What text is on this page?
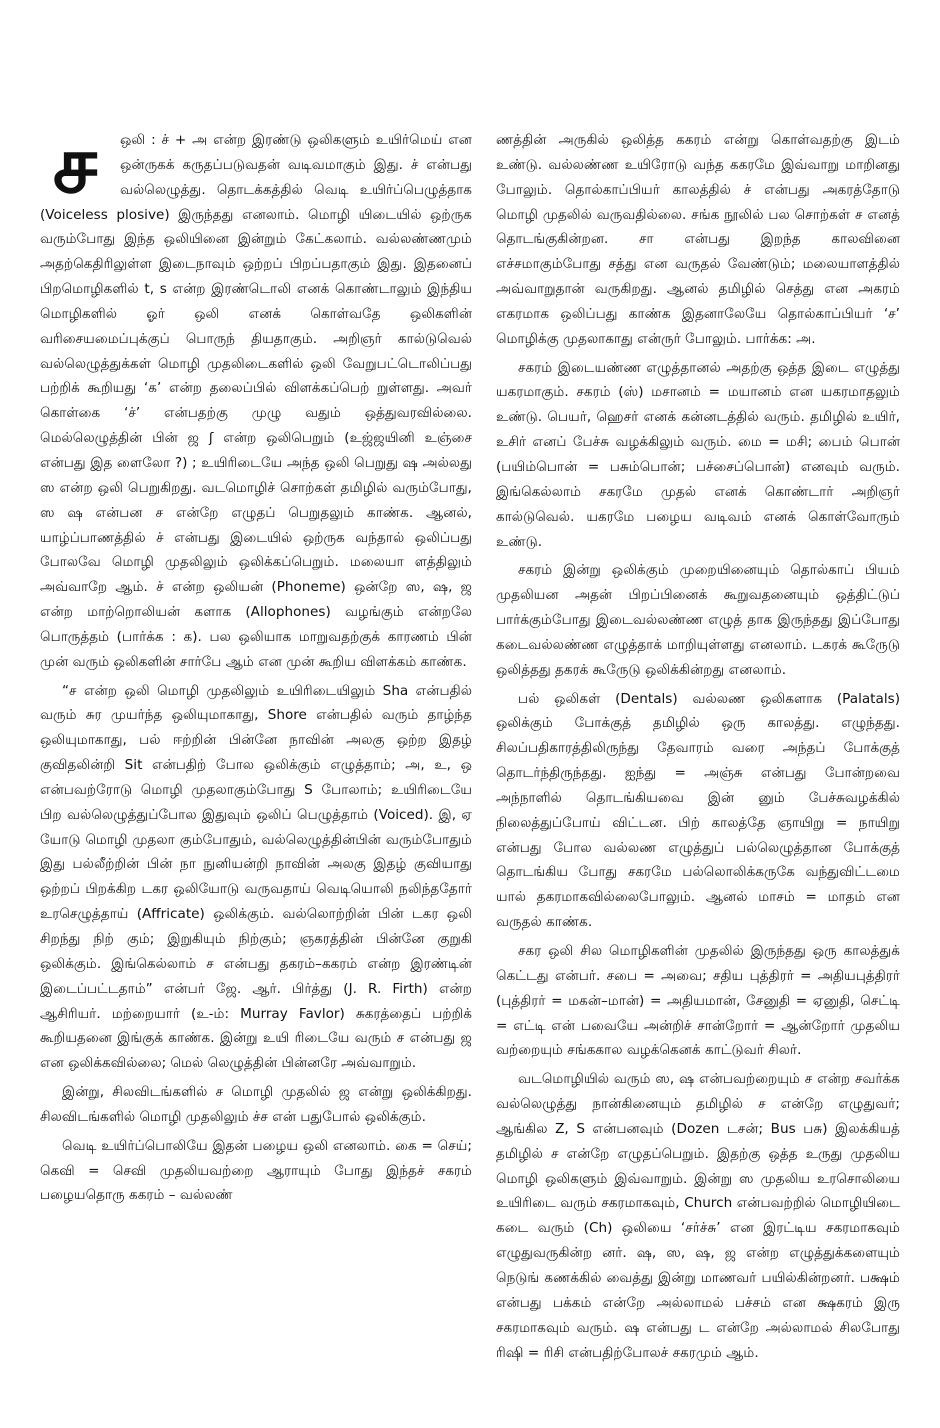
ச	ஒலி : ச் + அ என்ற இரண்டு ஒலிகளும் உயிர்மெய் என ஒன்ருகக் கருதப்படுவதன் வடிவமாகும் இது. ச் என்பது வல்லெழுத்து. தொடக்கத்தில் வெடி உயிர்ப்பெழுத்தாக (Voiceless plosive) இருந்தது எனலாம். மொழி யிடையில் ஒற்ருக வரும்போது இந்த ஒலியினை இன்றும் கேட்கலாம். வல்லண்ணமும் அதற்கெதிரிலுள்ள இடைநாவும் ஒற்றப் பிறப்பதாகும் இது. இதனைப் பிறமொழிகளில் t, s என்ற இரண்டொலி எனக் கொண்டாலும் இந்திய மொழிகளில் ஓர் ஒலி எனக் கொள்வதே ஒலிகளின் வரிசையமைப்புக்குப் பொருந் தியதாகும். அறிஞர் கால்டுவெல் வல்லெழுத்துக்கள் மொழி முதலிடைகளில் ஒலி வேறுபட்டொலிப்பது பற்றிக் கூறியது ‘க’ என்ற தலைப்பில் விளக்கப்பெற் றுள்ளது. அவர் கொள்கை ‘ச்’ என்பதற்கு முழு வதும் ஒத்துவரவில்லை. மெல்லெழுத்தின் பின் ஜ ʃ என்ற ஒலிபெறும் (உஜ்ஜயினி உஞ்சை என்பது இத ளைலோ ?) ; உயிரிடையே அந்த ஒலி பெறுது ஷ அல்லது ஸ என்ற ஒலி பெறுகிறது. வடமொழிச் சொற்கள் தமிழில் வரும்போது, ஸ ஷ என்பன ச என்றே எழுதப் பெறுதலும் காண்க. ஆனல், யாழ்ப்பாணத்தில் ச் என்பது இடையில் ஒற்ருக வந்தால் ஒலிப்பது போலவே மொழி முதலிலும் ஒலிக்கப்பெறும். மலையா ளத்திலும் அவ்வாறே ஆம். ச் என்ற ஒலியன் (Phoneme) ஒன்றே ஸ, ஷ, ஜ என்ற மாற்றொலியன் களாக (Allophones) வழங்கும் என்றலே பொருத்தம் (பார்க்க : க). பல ஒலியாக மாறுவதற்குக் காரணம் பின் முன் வரும் ஒலிகளின் சார்பே ஆம் என முன் கூறிய விளக்கம் காண்க.

“ச என்ற ஒலி மொழி முதலிலும் உயிரிடையிலும் Sha என்பதில் வரும் சுர முயர்ந்த ஒலியுமாகாது, Shore என்பதில் வரும் தாழ்ந்த ஒலியுமாகாது, பல் ஈற்றின் பின்னே நாவின் அலகு ஒற்ற இதழ் குவிதலின்றி Sit என்பதிற் போல ஒலிக்கும் எழுத்தாம்; அ, உ, ஒ என்பவற்ரோடு மொழி முதலாகும்போது S போலாம்; உயிரிடையே பிற வல்லெழுத்துப்போல இதுவும் ஒலிப் பெழுத்தாம் (Voiced). இ, ஏ யோடு மொழி முதலா கும்போதும், வல்லெழுத்தின்பின் வரும்போதும் இது பல்லீற்றின் பின் நா நுனியன்றி நாவின் அலகு இதழ் குவியாது ஒற்றப் பிறக்கிற டகர ஒலியோடு வருவதாய் வெடியொலி நலிந்ததோர் உரசெழுத்தாய் (Affricate) ஒலிக்கும். வல்லொற்றின் பின் டகர ஒலி சிறந்து நிற் கும்; இறுகியும் நிற்கும்; ஞகரத்தின் பின்னே குறுகி ஒலிக்கும். இங்கெல்லாம் ச என்பது தகரம்–ககரம் என்ற இரண்டின் இடைப்பட்டதாம்” என்பர் ஜே. ஆர். பிர்த்து (J. R. Firth) என்ற ஆசிரியர். மற்றையார் (உ-ம்: Murray Favlor) சுகரத்தைப் பற்றிக் கூறியதனை இங்குக் காண்க. இன்று உயி ரிடையே வரும் ச என்பது ஜ என ஒலிக்கவில்லை; மெல் லெழுத்தின் பின்னரே அவ்வாறும்.

இன்று, சிலவிடங்களில் ச மொழி முதலில் ஜ என்று ஒலிக்கிறது. சிலவிடங்களில் மொழி முதலிலும் ச்ச என் பதுபோல் ஒலிக்கும்.

வெடி உயிர்ப்பொலியே இதன் பழைய ஒலி எனலாம். கை = செய்; கெவி = செவி முதலியவற்றை ஆராயும் போது இந்தச் சகரம் பழையதொரு ககரம் – வல்லண்

ணத்தின் அருகில் ஒலித்த ககரம் என்று கொள்வதற்கு இடம் உண்டு. வல்லண்ண உயிரோடு வந்த ககரமே இவ்வாறு மாறினது போலும். தொல்காப்பியர் காலத்தில் ச் என்பது அகரத்தோடு மொழி முதலில் வருவதில்லை. சங்க நூலில் பல சொற்கள் ச எனத் தொடங்குகின்றன. சா என்பது இறந்த காலவினை எச்சமாகும்போது சத்து என வருதல் வேண்டும்; மலையாளத்தில் அவ்வாறுதான் வருகிறது. ஆனல் தமிழில் செத்து என அகரம் எகரமாக ஒலிப்பது காண்க இதனாலேயே தொல்காப்பியர் ‘ச’ மொழிக்கு முதலாகாது என்ருர் போலும். பார்க்க: அ.

சகரம் இடையண்ண எழுத்தானல் அதற்கு ஒத்த இடை எழுத்து யகரமாகும். சகரம் (ஸ்) மசானம் = மயானம் என யகரமாதலும் உண்டு. பெயர், ஹெசர் எனக் கன்னடத்தில் வரும். தமிழில் உயிர், உசிர் எனப் பேச்சு வழக்கிலும் வரும். மை = மசி; பைம் பொன் (பயிம்பொன் = பசும்பொன்; பச்சைப்பொன்) எனவும் வரும். இங்கெல்லாம் சகரமே முதல் எனக் கொண்டார் அறிஞர் கால்டுவெல். யகரமே பழைய வடிவம் எனக் கொள்வோரும் உண்டு.

சகரம் இன்று ஒலிக்கும் முறையினையும் தொல்காப் பியம் முதலியன அதன் பிறப்பினைக் கூறுவதனையும் ஒத்திட்டுப் பார்க்கும்போது இடைவல்லண்ண எழுத் தாக இருந்தது இப்போது கடைவல்லண்ண எழுத்தாக் மாறியுள்ளது எனலாம். டகரக் கூருேடு ஒலித்தது தகரக் கூருேடு ஒலிக்கின்றது எனலாம்.

பல் ஒலிகள் (Dentals) வல்லண ஒலிகளாக (Palatals) ஒலிக்கும் போக்குத் தமிழில் ஒரு காலத்து. எழுந்தது. சிலப்பதிகாரத்திலிருந்து தேவாரம் வரை அந்தப் போக்குத் தொடர்ந்திருந்தது. ஐந்து = அஞ்சு என்பது போன்றவை அந்நாளில் தொடங்கியவை இன் னும் பேச்சுவழக்கில் நிலைத்துப்போய் விட்டன. பிற் காலத்தே ஞாயிறு = நாயிறு என்பது போல வல்லண எழுத்துப் பல்லெழுத்தான போக்குத் தொடங்கிய போது சகரமே பல்லொலிக்கருகே வந்துவிட்டமை யால் தகரமாகவில்லைபோலும். ஆனல் மாசம் = மாதம் என வருதல் காண்க.

சகர ஒலி சில மொழிகளின் முதலில் இருந்தது ஒரு காலத்துக் கெட்டது என்பர். சபை = அவை; சதிய புத்திரர் = அதியபுத்திரர் (புத்திரர் = மகன்–மான்) = அதியமான், சேனுதி = ஏனுதி, செட்டி = எட்டி என் பவையே அன்றிச் சான்றோர் = ஆன்றோர் முதலிய வற்றையும் சங்ககால வழக்கெனக் காட்டுவர் சிலர்.

வடமொழியில் வரும் ஸ, ஷ என்பவற்றையும் ச என்ற சவர்க்க வல்லெழுத்து நான்கினையும் தமிழில் ச என்றே எழுதுவர்; ஆங்கில Z, S என்பனவும் (Dozen டசன்; Bus பசு) இலக்கியத் தமிழில் ச என்றே எழுதப்பெறும். இதற்கு ஒத்த உருது முதலிய மொழி ஒலிகளும் இவ்வாறும். இன்று ஸ முதலிய உரசொலியை உயிரிடை வரும் சகரமாகவும், Church என்பவற்றில் மொழியிடை கடை வரும் (Ch) ஒலியை ‘சர்ச்சு’ என இரட்டிய சகரமாகவும் எழுதுவருகின்ற னர். ஷ, ஸ, ஷ, ஜ என்ற எழுத்துக்களையும் நெடுங் கணக்கில் வைத்து இன்று மாணவர் பயில்கின்றனர். பக்ஷம் என்பது பக்கம் என்றே அல்லாமல் பச்சம் என க்ஷகரம் இரு சகரமாகவும் வரும். ஷ என்பது ட என்றே அல்லாமல் சிலபோது ரிஷி = ரிசி என்பதிற்போலச் சகரமும் ஆம்.
